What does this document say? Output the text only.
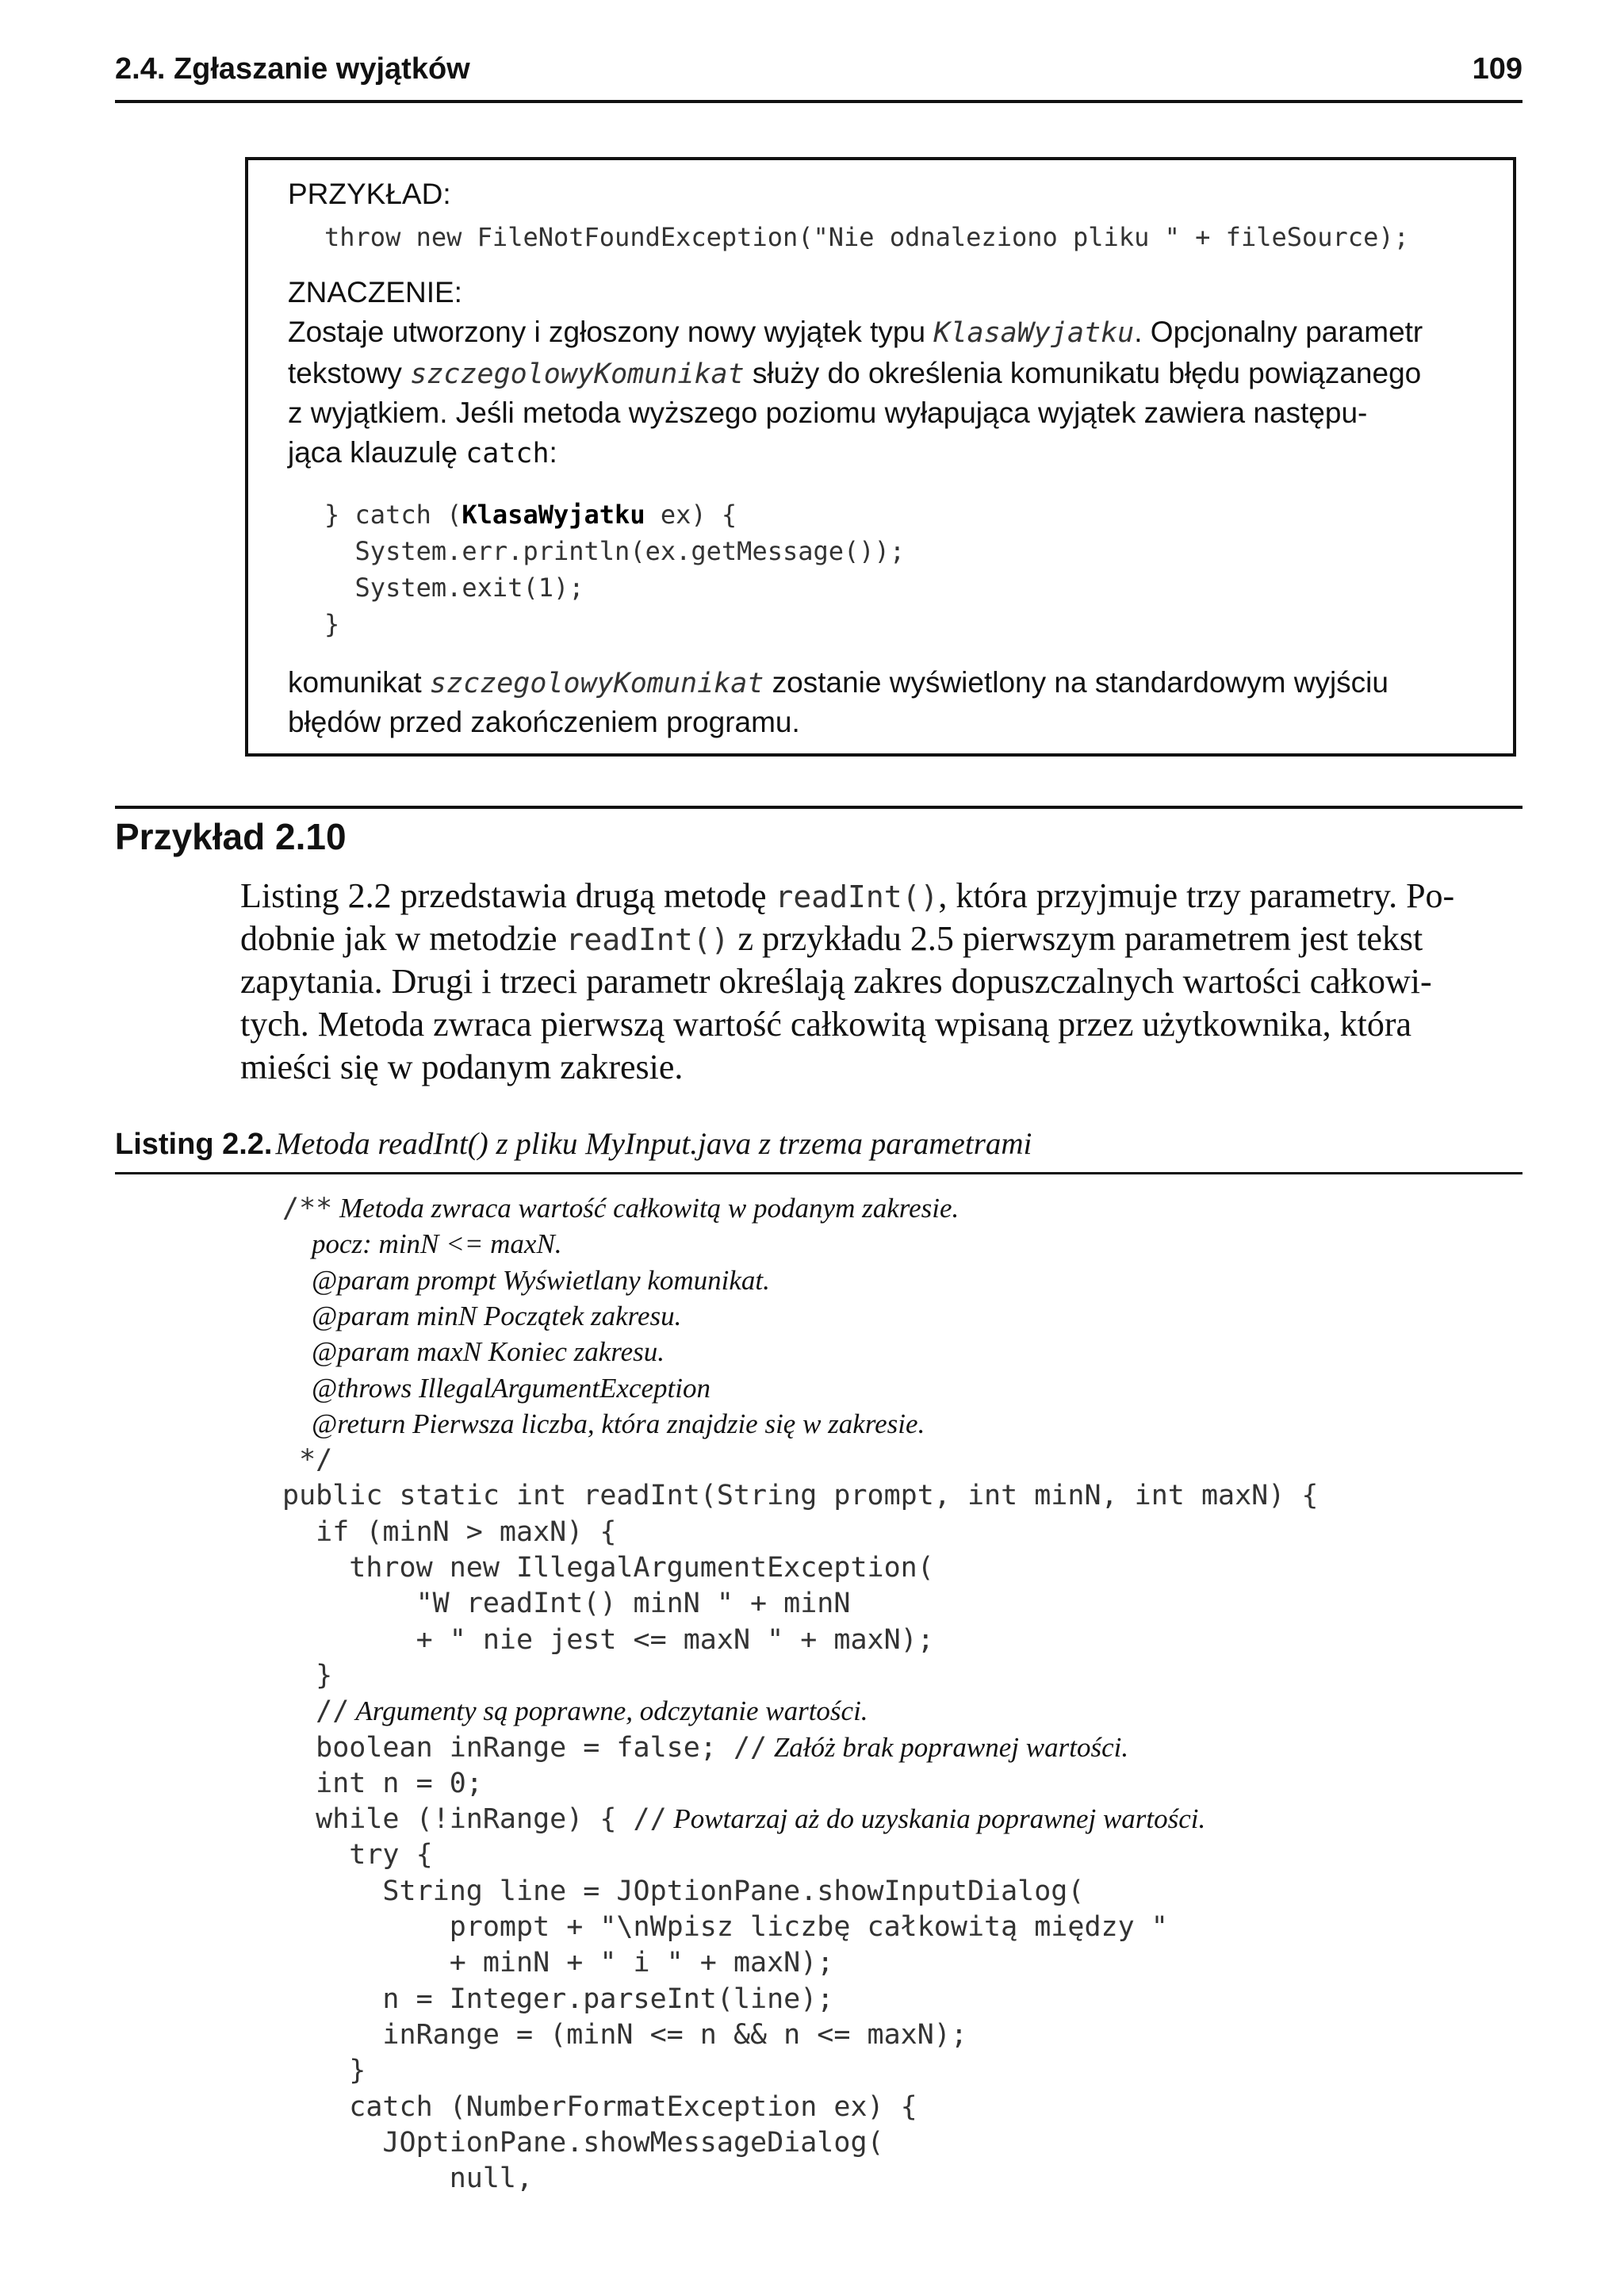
2.4. Zgłaszanie wyjątków	109
PRZYKŁAD:
throw new FileNotFoundException("Nie odnaleziono pliku " + fileSource);
ZNACZENIE:
Zostaje utworzony i zgłoszony nowy wyjątek typu KlasaWyjatku. Opcjonalny parametr
tekstowy szczegolowyKomunikat służy do określenia komunikatu błędu powiązanego
z wyjątkiem. Jeśli metoda wyższego poziomu wyłapująca wyjątek zawiera następu-
jąca klauzulę catch:
} catch (KlasaWyjatku ex) {
System.err.println(ex.getMessage());
System.exit(1);
}
komunikat szczegolowyKomunikat zostanie wyświetlony na standardowym wyjściu
błędów przed zakończeniem programu.
Przykład 2.10
Listing 2.2 przedstawia drugą metodę readInt(), która przyjmuje trzy parametry. Po-
dobnie jak w metodzie readInt() z przykładu 2.5 pierwszym parametrem jest tekst
zapytania. Drugi i trzeci parametr określają zakres dopuszczalnych wartości całkowi-
tych. Metoda zwraca pierwszą wartość całkowitą wpisaną przez użytkownika, która
mieści się w podanym zakresie.
Listing 2.2. Metoda readInt() z pliku MyInput.java z trzema parametrami
/** Metoda zwraca wartość całkowitą w podanym zakresie.
pocz: minN <= maxN.
@param prompt Wyświetlany komunikat.
@param minN Początek zakresu.
@param maxN Koniec zakresu.
@throws IllegalArgumentException
@return Pierwsza liczba, która znajdzie się w zakresie.
*/
public static int readInt(String prompt, int minN, int maxN) {
if (minN > maxN) {
throw new IllegalArgumentException(
"W readInt() minN " + minN
+ " nie jest <= maxN " + maxN);
}
// Argumenty są poprawne, odczytanie wartości.
boolean inRange = false; // Załóż brak poprawnej wartości.
int n = 0;
while (!inRange) { // Powtarzaj aż do uzyskania poprawnej wartości.
try {
String line = JOptionPane.showInputDialog(
prompt + "\nWpisz liczbę całkowitą między "
+ minN + " i " + maxN);
n = Integer.parseInt(line);
inRange = (minN <= n && n <= maxN);
}
catch (NumberFormatException ex) {
JOptionPane.showMessageDialog(
null,
